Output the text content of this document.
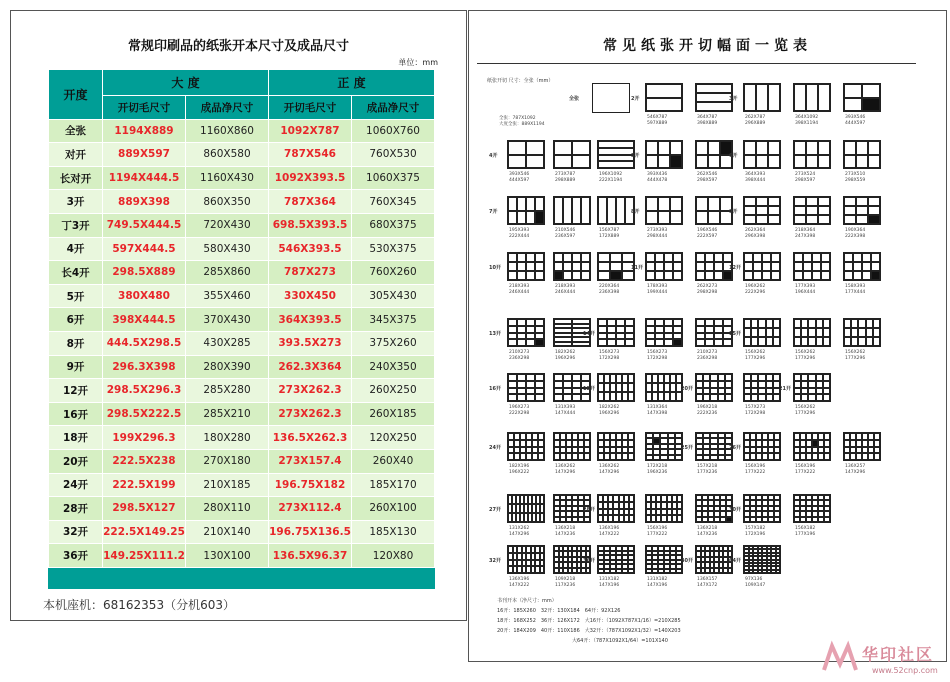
常规印刷品的纸张开本尺寸及成品尺寸
单位：mm
开度	大 度		正 度	
	开切毛尺寸	成品净尺寸	开切毛尺寸	成品净尺寸
全张	1194X889	1160X860	1092X787	1060X760
对开	889X597	860X580	787X546	760X530
长对开	1194X444.5	1160X430	1092X393.5	1060X375
3开	889X398	860X350	787X364	760X345
丁3开	749.5X444.5	720X430	698.5X393.5	680X375
4开	597X444.5	580X430	546X393.5	530X375
长4开	298.5X889	285X860	787X273	760X260
5开	380X480	355X460	330X450	305X430
6开	398X444.5	370X430	364X393.5	345X375
8开	444.5X298.5	430X285	393.5X273	375X260
9开	296.3X398	280X390	262.3X364	240X350
12开	298.5X296.3	285X280	273X262.3	260X250
16开	298.5X222.5	285X210	273X262.3	260X185
18开	199X296.3	180X280	136.5X262.3	120X250
20开	222.5X238	270X180	273X157.4	260X40
24开	222.5X199	210X185	196.75X182	185X170
28开	298.5X127	280X110	273X112.4	260X100
32开	222.5X149.25	210X140	196.75X136.5	185X130
36开	149.25X111.2	130X100	136.5X96.37	120X80
本机座机：68162353（分机603）
常见纸张开切幅面一览表
纸张开切 尺寸：全张（mm）
全张
全张：787X1092
大度全张：889X1194
2开
546X787
597X889
364X787
398X889
3开
262X787
296X889
364X1092
398X1194
393X546
444X597
4开
393X546
444X597
273X787
298X889
196X1092
222X1194
5开
393X436
444X478
262X546
298X597
6开
364X393
398X444
273X524
298X597
273X510
298X559
7开
195X393
222X444
210X546
236X597
156X787
172X889
8开
273X393
298X444
196X546
222X597
9开
262X364
296X398
218X364
247X398
190X364
222X398
10开
218X393
246X444
218X393
246X444
220X364
236X398
11开
178X393
199X444
262X273
298X298
12开
196X262
222X296
177X393
196X444
158X393
177X444
13开
210X273
236X298
182X262
196X296
14开
156X273
172X298
156X273
172X298
210X273
236X298
15开
156X262
177X296
156X262
177X296
156X262
177X296
16开
196X273
222X298
131X393
147X444
18开
182X262
196X296
131X364
147X398
20开
196X218
222X236
157X273
172X298
21开
156X262
177X296
24开
182X196
196X222
136X262
147X296
136X262
147X296
172X218
196X236
25开
157X218
177X236
26开
156X196
177X222
156X196
177X222
136X257
147X296
27开
131X262
147X296
136X218
147X236
28开
136X196
147X222
156X196
177X222
136X218
147X236
30开
157X182
172X196
156X182
177X196
32开
136X196
147X222
109X218
117X236
36开
131X182
147X196
131X182
147X196
40开
136X157
147X172
64开
97X136
109X147
书刊开本（净尺寸：mm）
16开：185X260　32开：130X184　64开：92X126
18开：168X252　36开：126X172　大16开：（1092X787X1/16）=210X285
20开：184X209　40开：110X186　大32开：（787X1092X1/32）=140X203
　　　　　　　　　　　　　　　大64开：（787X1092X1/64）=101X140
华印社区
www.52cnp.com
